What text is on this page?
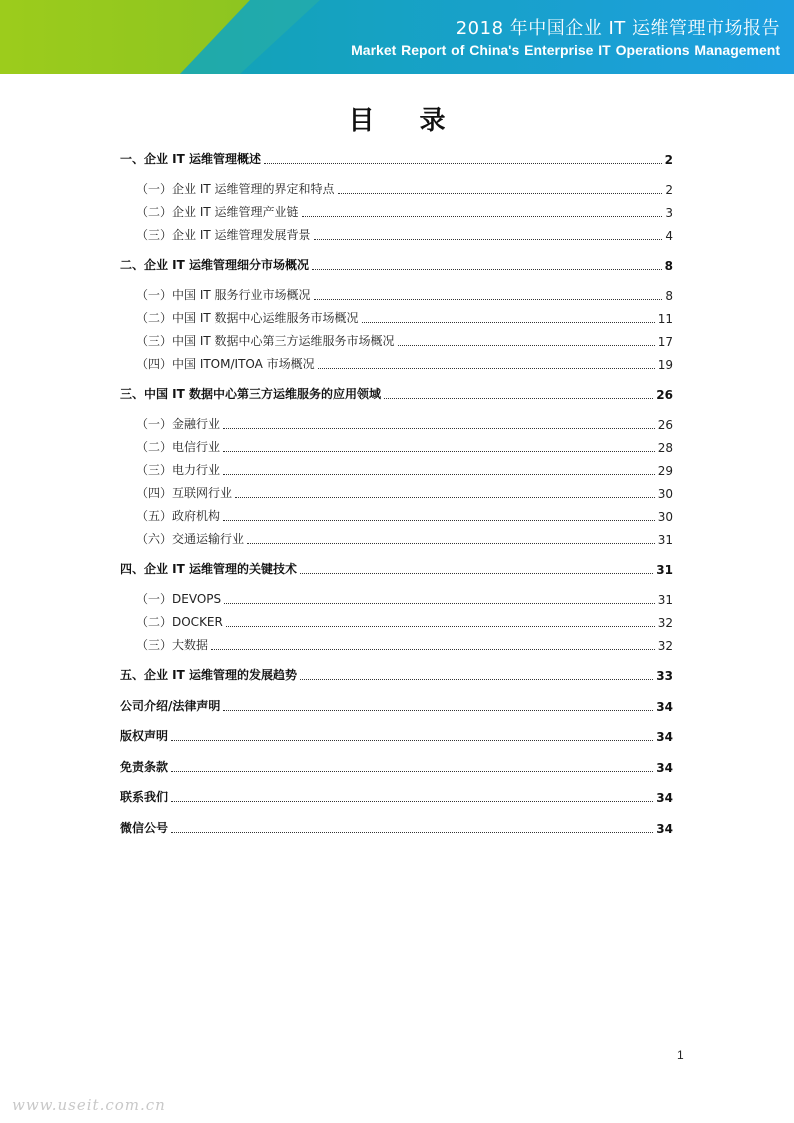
2018 年中国企业 IT 运维管理市场报告
Market Report of China's Enterprise IT Operations Management
目 录
一、企业 IT 运维管理概述	2
（一）企业 IT 运维管理的界定和特点	2
（二）企业 IT 运维管理产业链	3
（三）企业 IT 运维管理发展背景	4
二、企业 IT 运维管理细分市场概况	8
（一）中国 IT 服务行业市场概况	8
（二）中国 IT 数据中心运维服务市场概况	11
（三）中国 IT 数据中心第三方运维服务市场概况	17
（四）中国 ITOM/ITOA 市场概况	19
三、中国 IT 数据中心第三方运维服务的应用领域	26
（一）金融行业	26
（二）电信行业	28
（三）电力行业	29
（四）互联网行业	30
（五）政府机构	30
（六）交通运输行业	31
四、企业 IT 运维管理的关键技术	31
（一）DEVOPS	31
（二）DOCKER	32
（三）大数据	32
五、企业 IT 运维管理的发展趋势	33
公司介绍/法律声明	34
版权声明	34
免责条款	34
联系我们	34
微信公号	34
1
www.useit.com.cn
